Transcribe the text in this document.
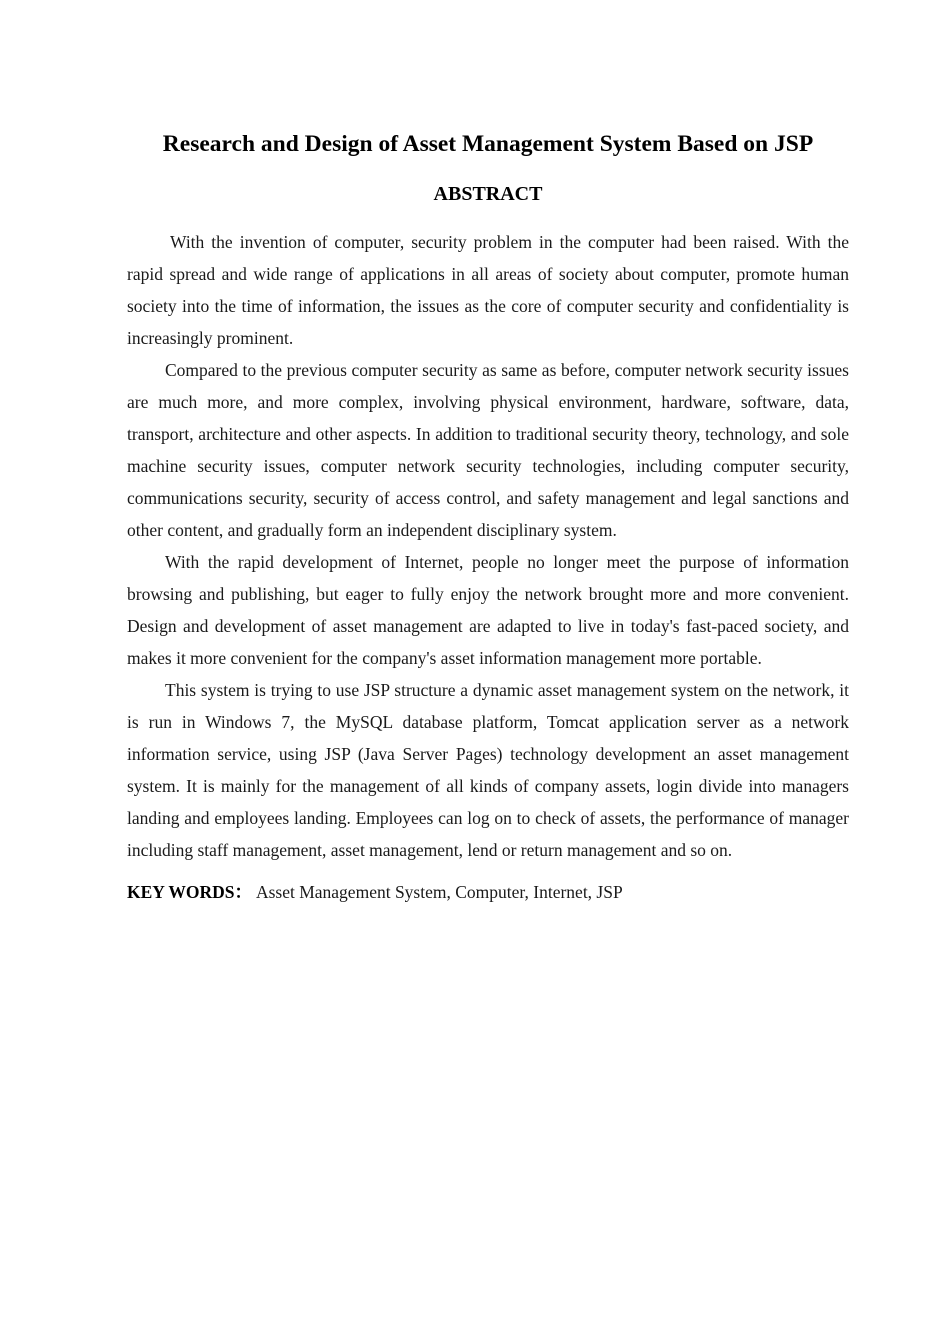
Research and Design of Asset Management System Based on JSP
ABSTRACT

With the invention of computer, security problem in the computer had been raised. With the rapid spread and wide range of applications in all areas of society about computer, promote human society into the time of information, the issues as the core of computer security and confidentiality is increasingly prominent.

Compared to the previous computer security as same as before, computer network security issues are much more, and more complex, involving physical environment, hardware, software, data, transport, architecture and other aspects. In addition to traditional security theory, technology, and sole machine security issues, computer network security technologies, including computer security, communications security, security of access control, and safety management and legal sanctions and other content, and gradually form an independent disciplinary system.

With the rapid development of Internet, people no longer meet the purpose of information browsing and publishing, but eager to fully enjoy the network brought more and more convenient. Design and development of asset management are adapted to live in today's fast-paced society, and makes it more convenient for the company's asset information management more portable.

This system is trying to use JSP structure a dynamic asset management system on the network, it is run in Windows 7, the MySQL database platform, Tomcat application server as a network information service, using JSP (Java Server Pages) technology development an asset management system. It is mainly for the management of all kinds of company assets, login divide into managers landing and employees landing. Employees can log on to check of assets, the performance of manager including staff management, asset management, lend or return management and so on.

KEY WORDS： Asset Management System, Computer, Internet, JSP
